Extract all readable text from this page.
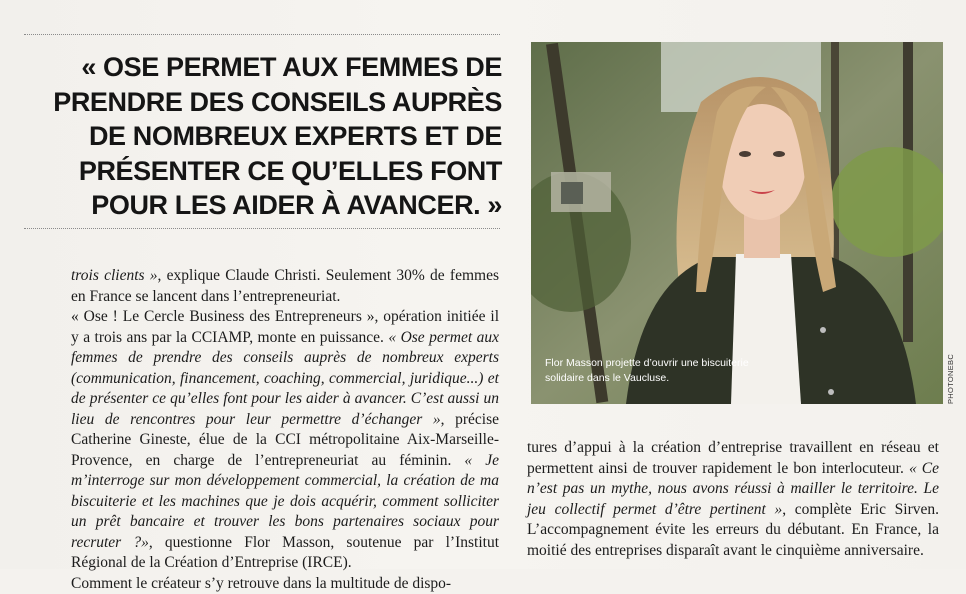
« OSE PERMET AUX FEMMES DE PRENDRE DES CONSEILS AUPRÈS DE NOMBREUX EXPERTS ET DE PRÉSENTER CE QU’ELLES FONT POUR LES AIDER À AVANCER. »

trois clients », explique Claude Christi. Seulement 30% de femmes en France se lancent dans l’entrepreneuriat.

« Ose ! Le Cercle Business des Entrepreneurs », opération initiée il y a trois ans par la CCIAMP, monte en puissance. « Ose permet aux femmes de prendre des conseils auprès de nombreux experts (communication, financement, coaching, commercial, juridique...) et de présenter ce qu’elles font pour les aider à avancer. C’est aussi un lieu de rencontres pour leur permettre d’échanger », précise Catherine Gineste, élue de la CCI métropolitaine Aix-Marseille-Provence, en charge de l’entrepreneuriat au féminin. « Je m’interroge sur mon développement commercial, la création de ma biscuiterie et les machines que je dois acquérir, comment solliciter un prêt bancaire et trouver les bons partenaires sociaux pour recruter ?», questionne Flor Masson, soutenue par l’Institut Régional de la Création d’Entreprise (IRCE).

Comment le créateur s’y retrouve dans la multitude de dispo-

Flor Masson projette d’ouvrir une biscuiterie solidaire dans le Vaucluse.	PHOTONEBC

tures d’appui à la création d’entreprise travaillent en réseau et permettent ainsi de trouver rapidement le bon interlocuteur. « Ce n’est pas un mythe, nous avons réussi à mailler le territoire. Le jeu collectif permet d’être pertinent », complète Eric Sirven. L’accompagnement évite les erreurs du débutant. En France, la moitié des entreprises disparaît avant le cinquième anniversaire.
